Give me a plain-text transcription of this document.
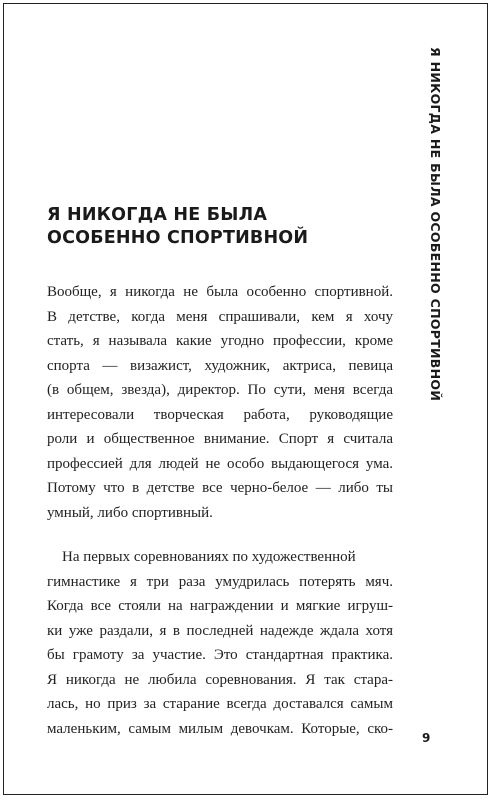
Я НИКОГДА НЕ БЫЛА
ОСОБЕННО СПОРТИВНОЙ
Вообще, я никогда не была особенно спортивной.
В детстве, когда меня спрашивали, кем я хочу
стать, я называла какие угодно профессии, кроме
спорта — визажист, художник, актриса, певица
(в общем, звезда), директор. По сути, меня всегда
интересовали творческая работа, руководящие
роли и общественное внимание. Спорт я считала
профессией для людей не особо выдающегося ума.
Потому что в детстве все черно-белое — либо ты
умный, либо спортивный.
На первых соревнованиях по художественной
гимнастике я три раза умудрилась потерять мяч.
Когда все стояли на награждении и мягкие игруш-
ки уже раздали, я в последней надежде ждала хотя
бы грамоту за участие. Это стандартная практика.
Я никогда не любила соревнования. Я так стара-
лась, но приз за старание всегда доставался самым
маленьким, самым милым девочкам. Которые, ско-
Я НИКОГДА НЕ БЫЛА ОСОБЕННО СПОРТИВНОЙ
9
